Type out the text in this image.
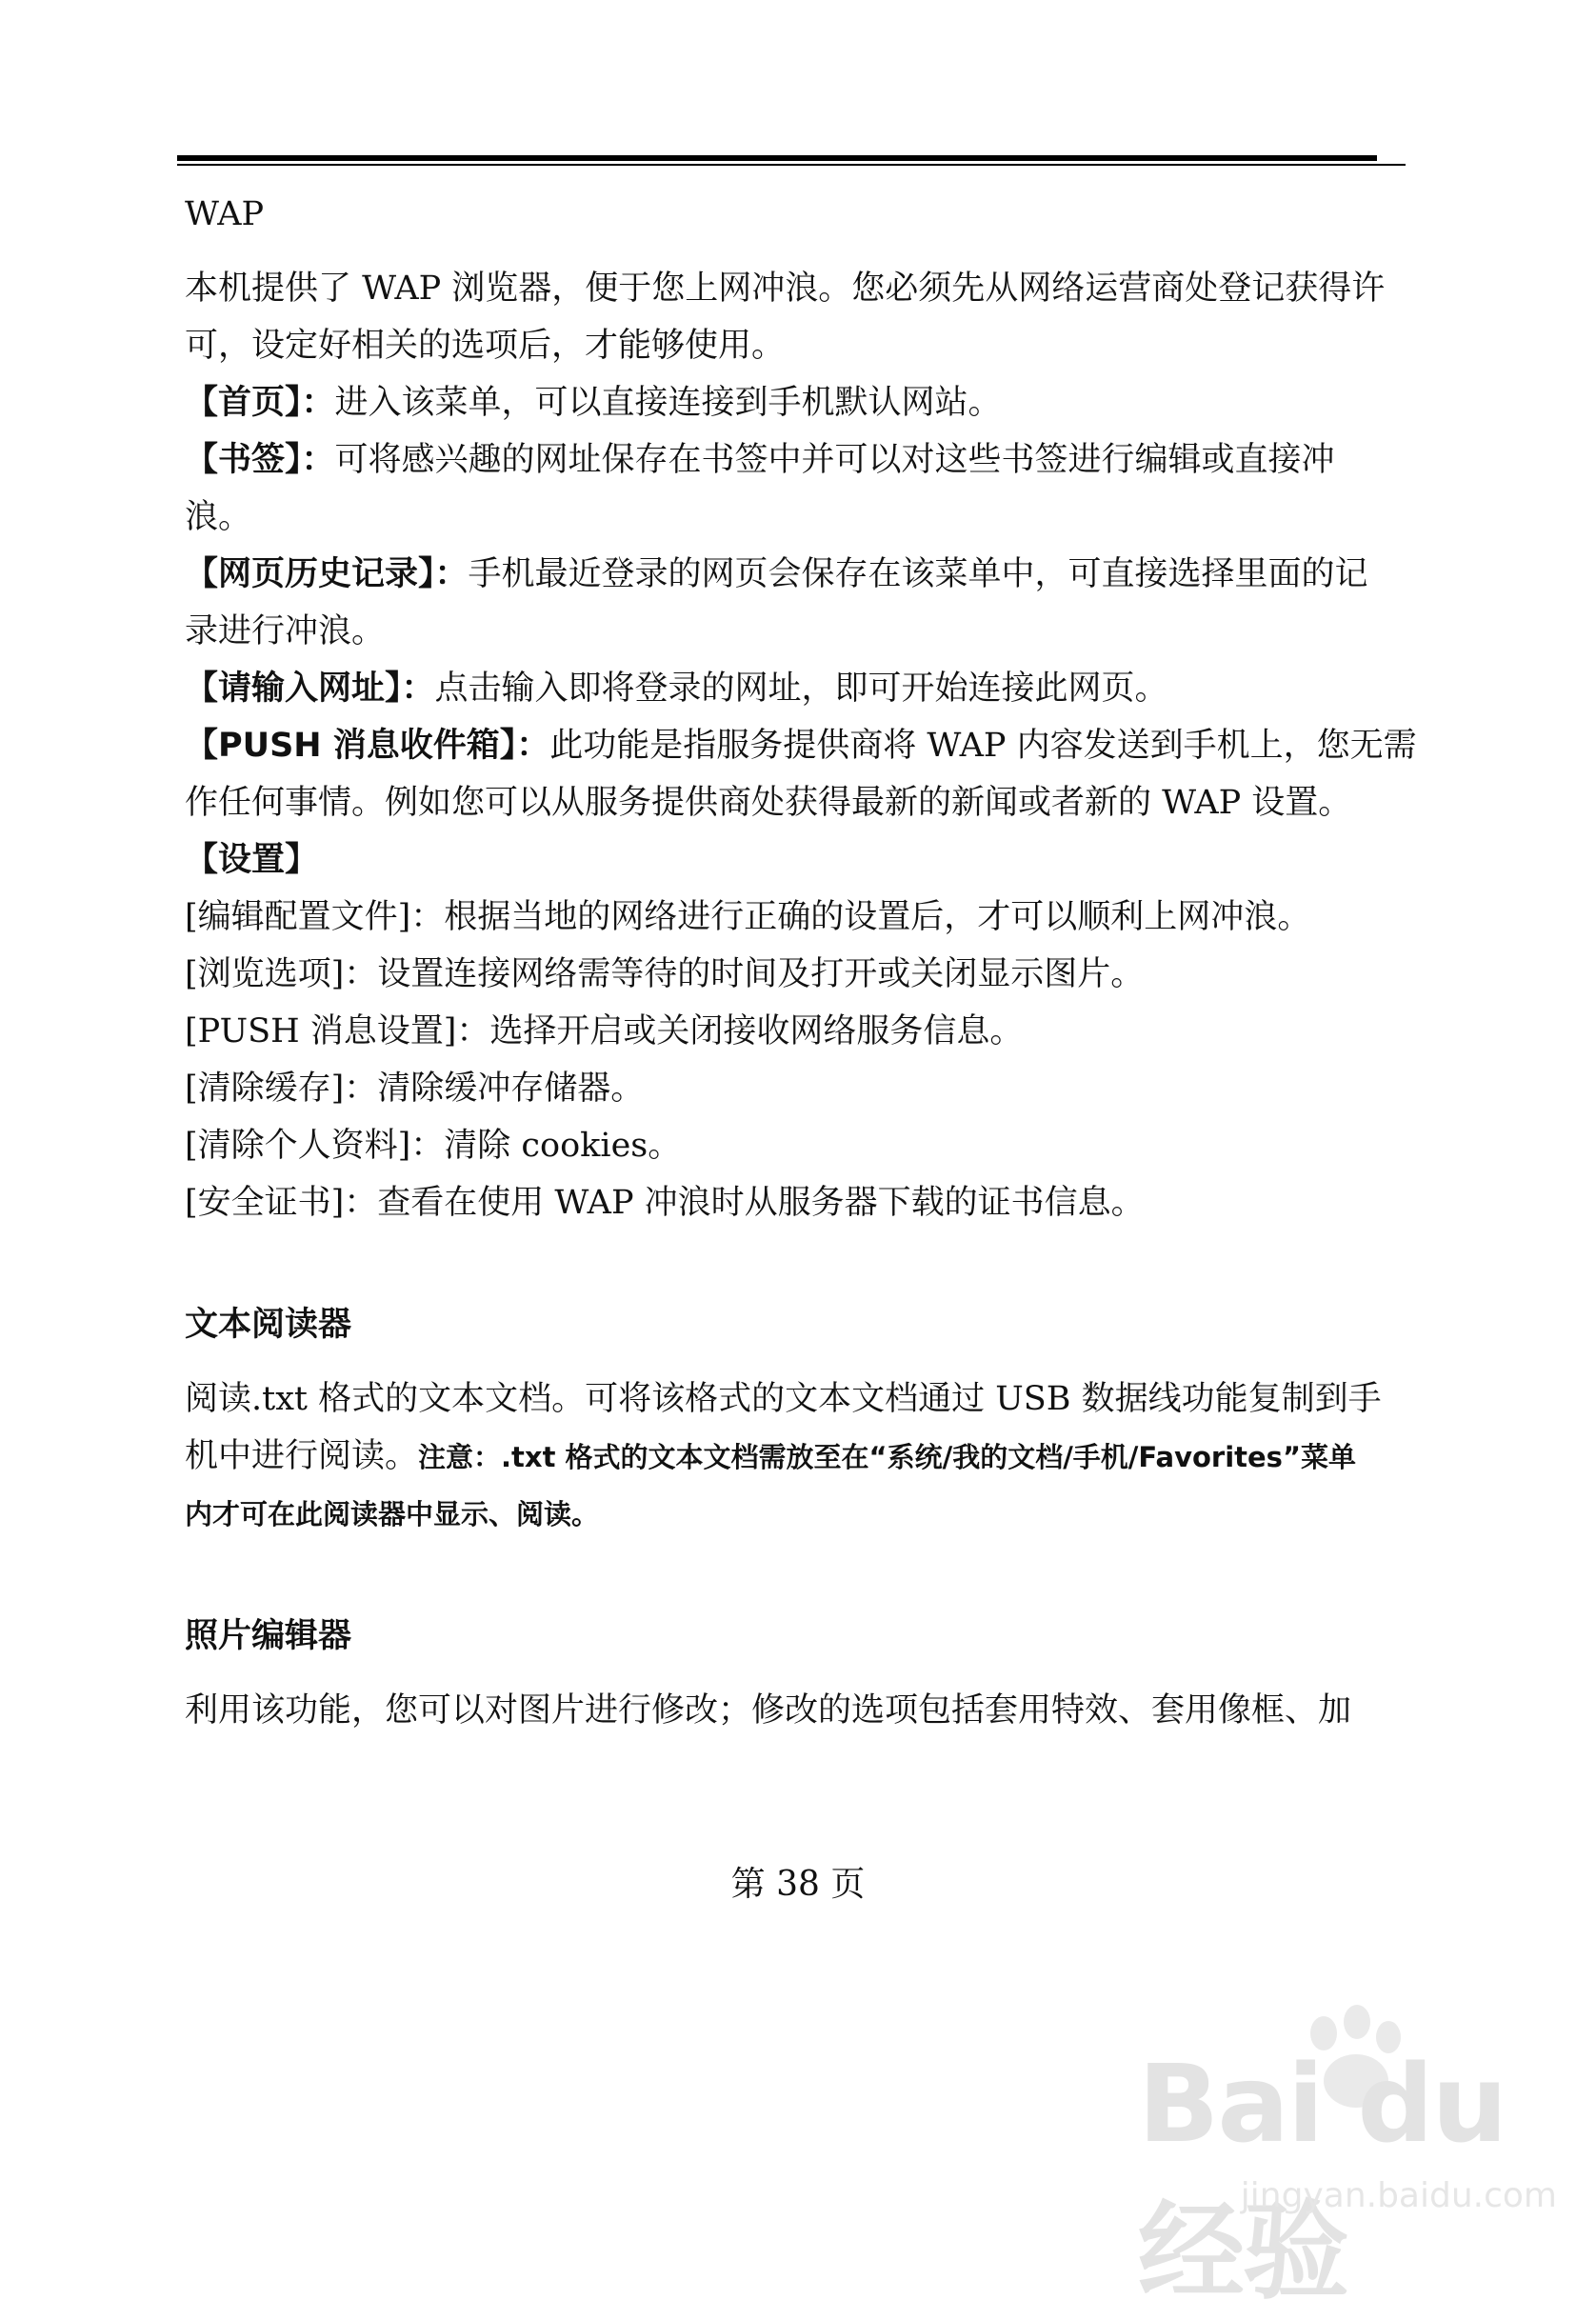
WAP
本机提供了 WAP 浏览器，便于您上网冲浪。您必须先从网络运营商处登记获得许
可，设定好相关的选项后，才能够使用。
【首页】：进入该菜单，可以直接连接到手机默认网站。
【书签】：可将感兴趣的网址保存在书签中并可以对这些书签进行编辑或直接冲
浪。
【网页历史记录】：手机最近登录的网页会保存在该菜单中，可直接选择里面的记
录进行冲浪。
【请输入网址】：点击输入即将登录的网址，即可开始连接此网页。
【PUSH 消息收件箱】：此功能是指服务提供商将 WAP 内容发送到手机上，您无需
作任何事情。例如您可以从服务提供商处获得最新的新闻或者新的 WAP 设置。
【设置】
[编辑配置文件]：根据当地的网络进行正确的设置后，才可以顺利上网冲浪。
[浏览选项]：设置连接网络需等待的时间及打开或关闭显示图片。
[PUSH 消息设置]：选择开启或关闭接收网络服务信息。
[清除缓存]：清除缓冲存储器。
[清除个人资料]：清除 cookies。
[安全证书]：查看在使用 WAP 冲浪时从服务器下载的证书信息。
文本阅读器
阅读.txt 格式的文本文档。可将该格式的文本文档通过 USB 数据线功能复制到手
机中进行阅读。注意：.txt 格式的文本文档需放至在“系统/我的文档/手机/Favorites”菜单
内才可在此阅读器中显示、阅读。
照片编辑器
利用该功能，您可以对图片进行修改；修改的选项包括套用特效、套用像框、加
第 38 页
Bai du 经验
jingyan.baidu.com
